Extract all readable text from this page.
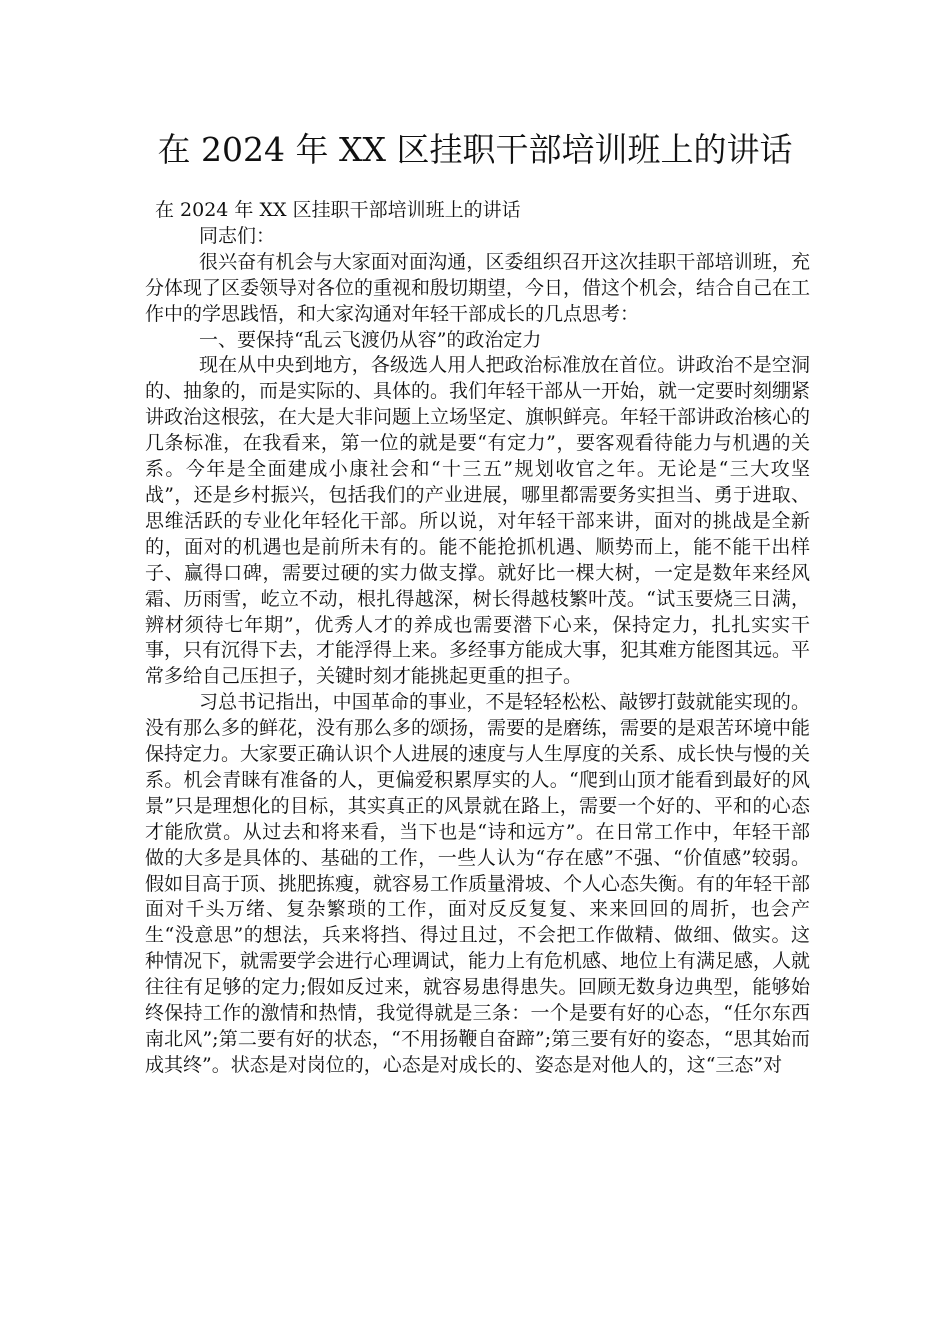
在 2024 年 XX 区挂职干部培训班上的讲话

在 2024 年 XX 区挂职干部培训班上的讲话

同志们：

很兴奋有机会与大家面对面沟通，区委组织召开这次挂职干部培训班，充分体现了区委领导对各位的重视和殷切期望，今日，借这个机会，结合自己在工作中的学思践悟，和大家沟通对年轻干部成长的几点思考：

一、要保持“乱云飞渡仍从容”的政治定力

现在从中央到地方，各级选人用人把政治标准放在首位。讲政治不是空洞的、抽象的，而是实际的、具体的。我们年轻干部从一开始，就一定要时刻绷紧讲政治这根弦，在大是大非问题上立场坚定、旗帜鲜亮。年轻干部讲政治核心的几条标准，在我看来，第一位的就是要“有定力”，要客观看待能力与机遇的关系。今年是全面建成小康社会和“十三五”规划收官之年。无论是“三大攻坚战”，还是乡村振兴，包括我们的产业进展，哪里都需要务实担当、勇于进取、思维活跃的专业化年轻化干部。所以说，对年轻干部来讲，面对的挑战是全新的，面对的机遇也是前所未有的。能不能抢抓机遇、顺势而上，能不能干出样子、赢得口碑，需要过硬的实力做支撑。就好比一棵大树，一定是数年来经风霜、历雨雪，屹立不动，根扎得越深，树长得越枝繁叶茂。“试玉要烧三日满，辨材须待七年期”，优秀人才的养成也需要潜下心来，保持定力，扎扎实实干事，只有沉得下去，才能浮得上来。多经事方能成大事，犯其难方能图其远。平常多给自己压担子，关键时刻才能挑起更重的担子。

习总书记指出，中国革命的事业，不是轻轻松松、敲锣打鼓就能实现的。没有那么多的鲜花，没有那么多的颂扬，需要的是磨练，需要的是艰苦环境中能保持定力。大家要正确认识个人进展的速度与人生厚度的关系、成长快与慢的关系。机会青睐有准备的人，更偏爱积累厚实的人。“爬到山顶才能看到最好的风景”只是理想化的目标，其实真正的风景就在路上，需要一个好的、平和的心态才能欣赏。从过去和将来看，当下也是“诗和远方”。在日常工作中，年轻干部做的大多是具体的、基础的工作，一些人认为“存在感”不强、“价值感”较弱。假如目高于顶、挑肥拣瘦，就容易工作质量滑坡、个人心态失衡。有的年轻干部面对千头万绪、复杂繁琐的工作，面对反反复复、来来回回的周折，也会产生“没意思”的想法，兵来将挡、得过且过，不会把工作做精、做细、做实。这种情况下，就需要学会进行心理调试，能力上有危机感、地位上有满足感，人就往往有足够的定力;假如反过来，就容易患得患失。回顾无数身边典型，能够始终保持工作的激情和热情，我觉得就是三条：一个是要有好的心态，“任尔东西南北风”;第二要有好的状态，“不用扬鞭自奋蹄”;第三要有好的姿态，“思其始而成其终”。状态是对岗位的，心态是对成长的、姿态是对他人的，这“三态”对
